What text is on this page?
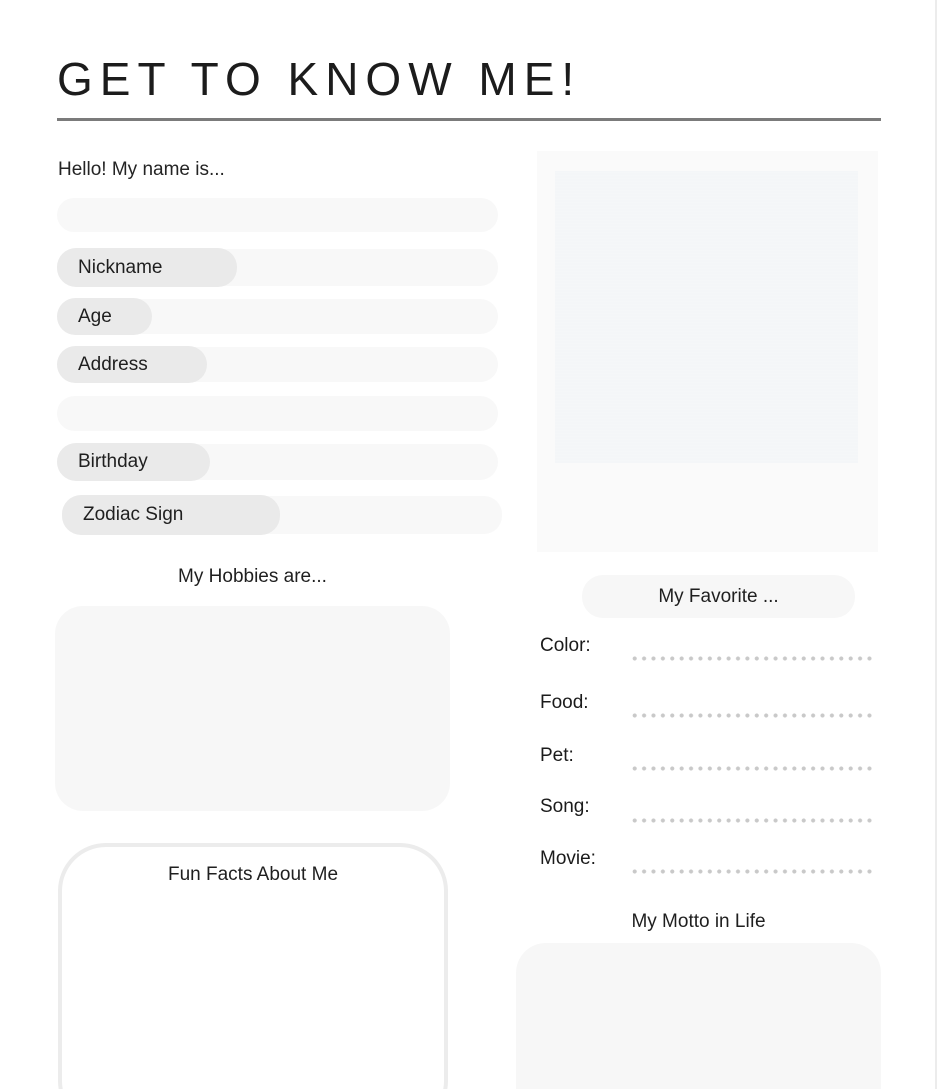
GET TO KNOW ME!
Hello! My name is...
Nickname
Age
Address
Birthday
Zodiac Sign
My Hobbies are...
Fun Facts About Me
My Favorite ...
Color:
Food:
Pet:
Song:
Movie:
My Motto in Life
